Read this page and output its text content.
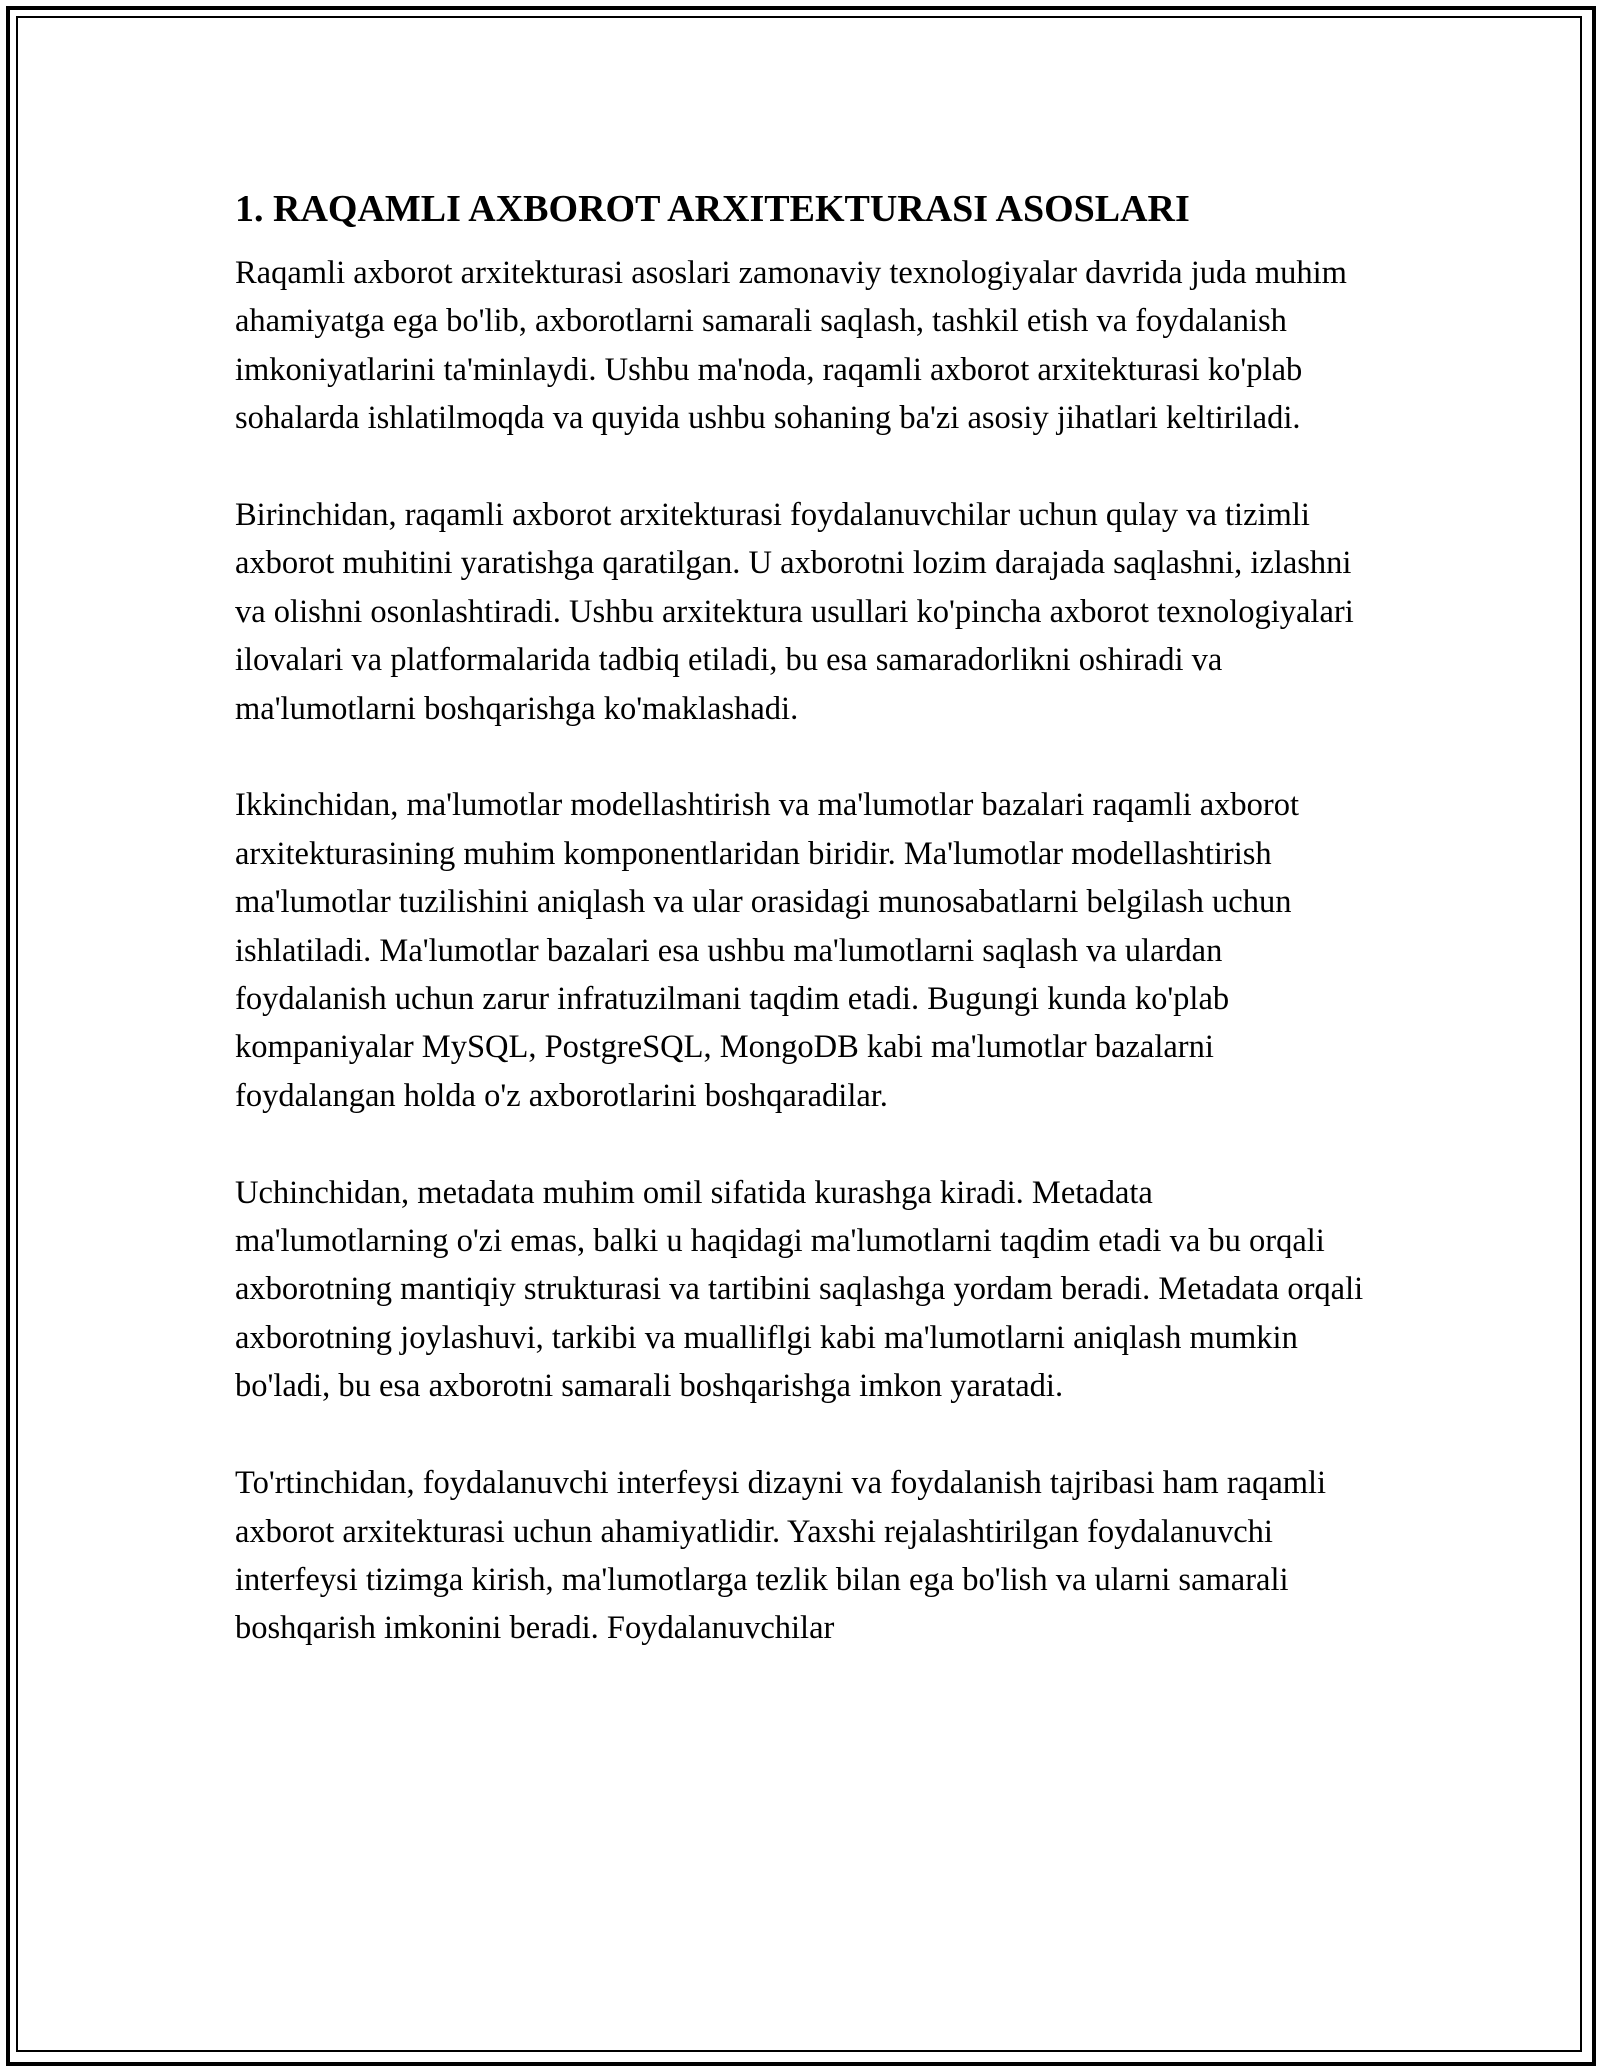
1. RAQAMLI AXBOROT ARXITEKTURASI ASOSLARI

Raqamli axborot arxitekturasi asoslari zamonaviy texnologiyalar davrida juda muhim ahamiyatga ega bo'lib, axborotlarni samarali saqlash, tashkil etish va foydalanish imkoniyatlarini ta'minlaydi. Ushbu ma'noda, raqamli axborot arxitekturasi ko'plab sohalarda ishlatilmoqda va quyida ushbu sohaning ba'zi asosiy jihatlari keltiriladi.

Birinchidan, raqamli axborot arxitekturasi foydalanuvchilar uchun qulay va tizimli axborot muhitini yaratishga qaratilgan. U axborotni lozim darajada saqlashni, izlashni va olishni osonlashtiradi. Ushbu arxitektura usullari ko'pincha axborot texnologiyalari ilovalari va platformalarida tadbiq etiladi, bu esa samaradorlikni oshiradi va ma'lumotlarni boshqarishga ko'maklashadi.

Ikkinchidan, ma'lumotlar modellashtirish va ma'lumotlar bazalari raqamli axborot arxitekturasining muhim komponentlaridan biridir. Ma'lumotlar modellashtirish ma'lumotlar tuzilishini aniqlash va ular orasidagi munosabatlarni belgilash uchun ishlatiladi. Ma'lumotlar bazalari esa ushbu ma'lumotlarni saqlash va ulardan foydalanish uchun zarur infratuzilmani taqdim etadi. Bugungi kunda ko'plab kompaniyalar MySQL, PostgreSQL, MongoDB kabi ma'lumotlar bazalarni foydalangan holda o'z axborotlarini boshqaradilar.

Uchinchidan, metadata muhim omil sifatida kurashga kiradi. Metadata ma'lumotlarning o'zi emas, balki u haqidagi ma'lumotlarni taqdim etadi va bu orqali axborotning mantiqiy strukturasi va tartibini saqlashga yordam beradi. Metadata orqali axborotning joylashuvi, tarkibi va mualliflgi kabi ma'lumotlarni aniqlash mumkin bo'ladi, bu esa axborotni samarali boshqarishga imkon yaratadi.

To'rtinchidan, foydalanuvchi interfeysi dizayni va foydalanish tajribasi ham raqamli axborot arxitekturasi uchun ahamiyatlidir. Yaxshi rejalashtirilgan foydalanuvchi interfeysi tizimga kirish, ma'lumotlarga tezlik bilan ega bo'lish va ularni samarali boshqarish imkonini beradi. Foydalanuvchilar
